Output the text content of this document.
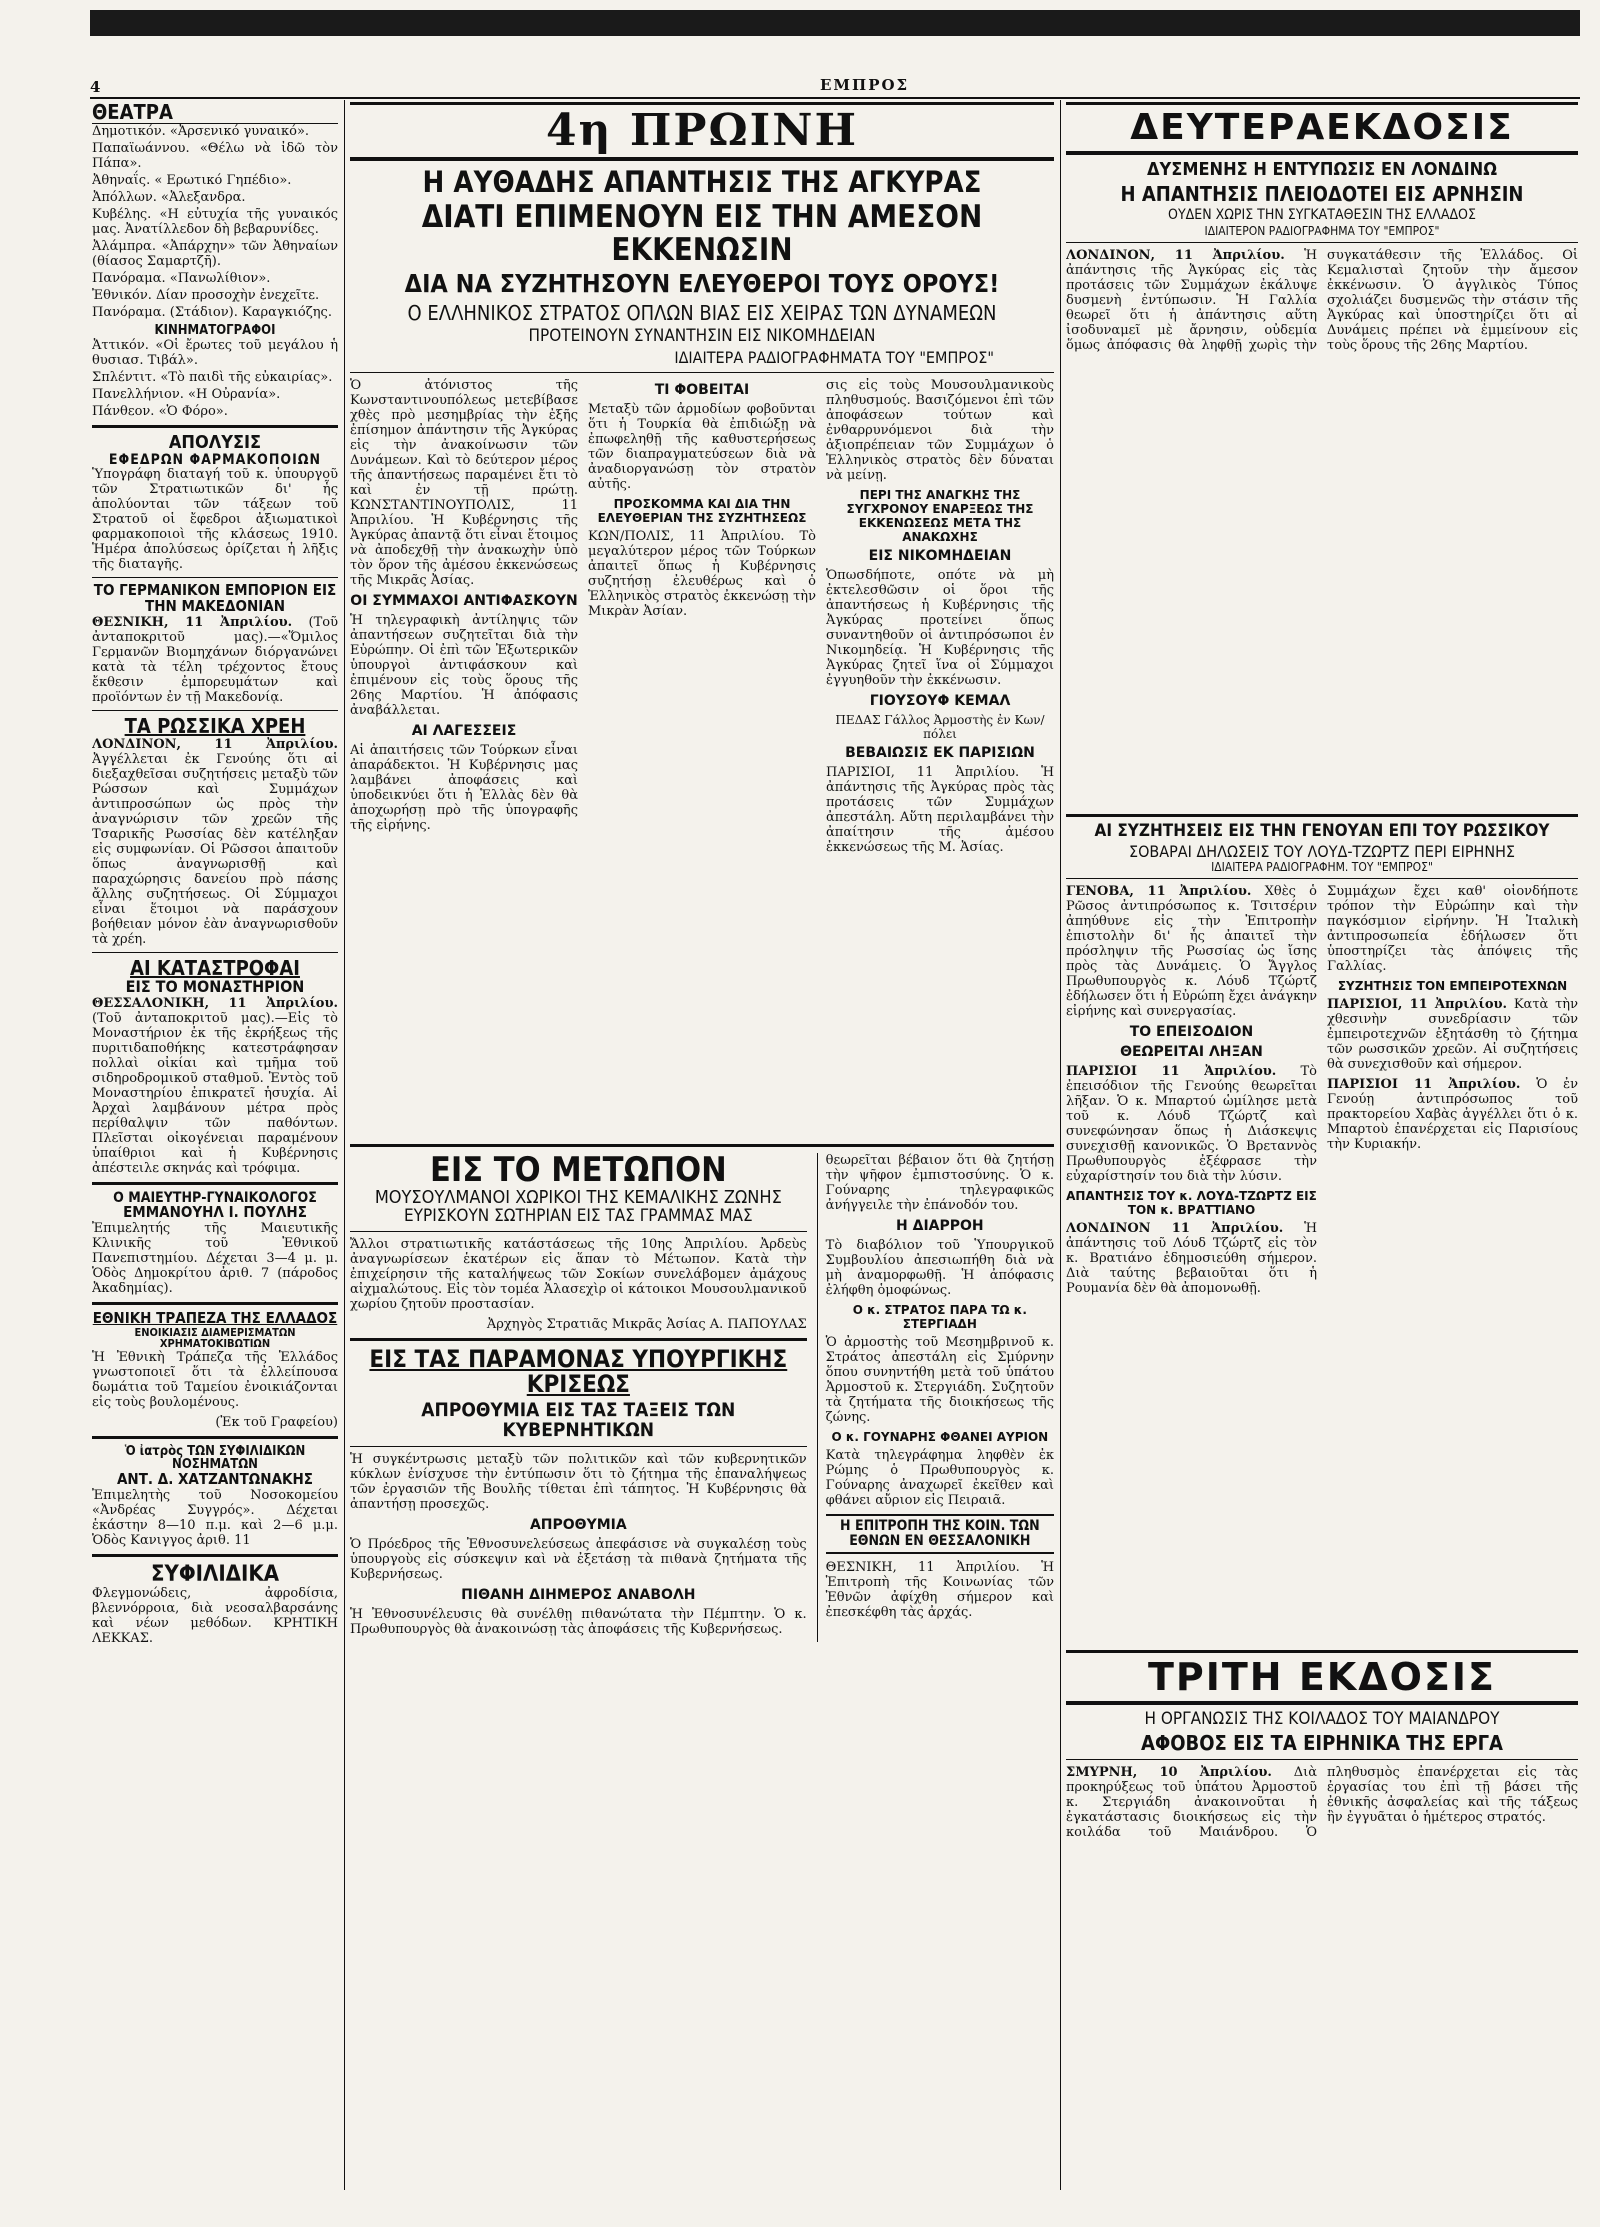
4	ΕΜΠΡΟΣ
ΘΕΑΤΡΑ

Δημοτικόν. «Ἀρσενικό γυναικό».

Παπαϊωάννου. «Θέλω νὰ ἰδῶ τὸν Πάπα».

Ἀθηναΐς. « Ερωτικό Γηπέδιο».

Ἀπόλλων. «Ἀλεξανδρα.

Κυβέλης. «Η εὐτυχία τῆς γυναικός μας. Ἀνατίλλεδον δὴ βεβαρυνίδες.

Ἀλάμπρα. «Ἀπάρχην» τῶν Ἀθηναίων (θίασος Σαμαρτζῆ).

Πανόραμα. «Πανωλίθιον».

Ἐθνικόν. Δίαν προσοχὴν ἐνεχεῖτε.

Πανόραμα. (Στάδιον). Καραγκιόζης.

ΚΙΝΗΜΑΤΟΓΡΑΦΟΙ

Ἀττικόν. «Οἱ ἔρωτες τοῦ μεγάλου ἡ θυσιασ. Τιβάλ».

Σπλέντιτ. «Τὸ παιδὶ τῆς εὐκαιρίας».

Πανελλήνιον. «Η Οὐρανία».

Πάνθεον. «Ὁ Φόρο».

ΑΠΟΛΥΣΙΣ
ΕΦΕΔΡΩΝ ΦΑΡΜΑΚΟΠΟΙΩΝ

Ὑπογράφη διαταγή τοῦ κ. ὑπουργοῦ τῶν Στρατιωτικῶν δι' ἧς ἀπολύονται τῶν τάξεων τοῦ Στρατοῦ οἱ ἔφεδροι ἀξιωματικοὶ φαρμακοποιοὶ τῆς κλάσεως 1910. Ἡμέρα ἀπολύσεως ὁρίζεται ἡ λῆξις τῆς διαταγῆς.

ΤΟ ΓΕΡΜΑΝΙΚΟΝ ΕΜΠΟΡΙΟΝ ΕΙΣ ΤΗΝ ΜΑΚΕΔΟΝΙΑΝ

ΘΕΣΝΙΚΗ, 11 Ἀπριλίου. (Τοῦ ἀνταποκριτοῦ μας).—«Ὅμιλος Γερμανῶν Βιομηχάνων διόργανώνει κατὰ τὰ τέλη τρέχοντος ἔτους ἔκθεσιν ἐμπορευμάτων καὶ προϊόντων ἐν τῇ Μακεδονίᾳ.

ΤΑ ΡΩΣΣΙΚΑ ΧΡΕΗ

ΛΟΝΔΙΝΟΝ, 11 Ἀπριλίου. Ἀγγέλλεται ἐκ Γενούης ὅτι αἱ διεξαχθεῖσαι συζητήσεις μεταξὺ τῶν Ρώσσων καὶ Συμμάχων ἀντιπροσώπων ὡς πρὸς τὴν ἀναγνώρισιν τῶν χρεῶν τῆς Τσαρικῆς Ρωσσίας δὲν κατέληξαν εἰς συμφωνίαν. Οἱ Ρῶσσοι ἀπαιτοῦν ὅπως ἀναγνωρισθῇ καὶ παραχώρησις δανείου πρὸ πάσης ἄλλης συζητήσεως. Οἱ Σύμμαχοι εἶναι ἕτοιμοι νὰ παράσχουν βοήθειαν μόνον ἐὰν ἀναγνωρισθοῦν τὰ χρέη.

ΑΙ ΚΑΤΑΣΤΡΟΦΑΙ
ΕΙΣ ΤΟ ΜΟΝΑΣΤΗΡΙΟΝ

ΘΕΣΣΑΛΟΝΙΚΗ, 11 Ἀπριλίου. (Τοῦ ἀνταποκριτοῦ μας).—Εἰς τὸ Μοναστήριον ἐκ τῆς ἐκρήξεως τῆς πυριτιδαποθήκης κατεστράφησαν πολλαὶ οἰκίαι καὶ τμῆμα τοῦ σιδηροδρομικοῦ σταθμοῦ. Ἐντὸς τοῦ Μοναστηρίου ἐπικρατεῖ ἡσυχία. Αἱ Ἀρχαὶ λαμβάνουν μέτρα πρὸς περίθαλψιν τῶν παθόντων. Πλεῖσται οἰκογένειαι παραμένουν ὑπαίθριοι καὶ ἡ Κυβέρνησις ἀπέστειλε σκηνάς καὶ τρόφιμα.

Ο ΜΑΙΕΥΤΗΡ-ΓΥΝΑΙΚΟΛΟΓΟΣ
ΕΜΜΑΝΟΥΗΛ Ι. ΠΟΥΛΗΣ

Ἐπιμελητής τῆς Μαιευτικῆς Κλινικῆς τοῦ Ἐθνικοῦ Πανεπιστημίου. Δέχεται 3—4 μ. μ. Ὁδὸς Δημοκρίτου ἀριθ. 7 (πάροδος Ἀκαδημίας).

ΕΘΝΙΚΗ ΤΡΑΠΕΖΑ ΤΗΣ ΕΛΛΑΔΟΣ
ΕΝΟΙΚΙΑΣΙΣ ΔΙΑΜΕΡΙΣΜΑΤΩΝ ΧΡΗΜΑΤΟΚΙΒΩΤΙΩΝ

Ἡ Ἐθνικὴ Τράπεζα τῆς Ἑλλάδος γνωστοποιεῖ ὅτι τὰ ἐλλείπουσα δωμάτια τοῦ Ταμείου ἐνοικιάζονται εἰς τοὺς βουλομένους.

(Ἐκ τοῦ Γραφείου)

Ὁ ἰατρὸς ΤΩΝ ΣΥΦΙΛΙΔΙΚΩΝ ΝΟΣΗΜΑΤΩΝ
ΑΝΤ. Δ. ΧΑΤΖΑΝΤΩΝΑΚΗΣ

Ἐπιμελητὴς τοῦ Νοσοκομείου «Ἀνδρέας Συγγρός». Δέχεται ἑκάστην 8—10 π.μ. καὶ 2—6 μ.μ. Ὁδὸς Κανιγγος ἀριθ. 11

ΣΥΦΙΛΙΔΙΚΑ

Φλεγμονώδεις, ἀφροδίσια, βλεννόρροια, διὰ νεοσαλβαρσάνης καὶ νέων μεθόδων. ΚΡΗΤΙΚΗ ΛΕΚΚΑΣ.

4η ΠΡΩΙΝΗ
Η ΑΥΘΑΔΗΣ ΑΠΑΝΤΗΣΙΣ ΤΗΣ ΑΓΚΥΡΑΣ
ΔΙΑΤΙ ΕΠΙΜΕΝΟΥΝ ΕΙΣ ΤΗΝ ΑΜΕΣΟΝ ΕΚΚΕΝΩΣΙΝ
ΔΙΑ ΝΑ ΣΥΖΗΤΗΣΟΥΝ ΕΛΕΥΘΕΡΟΙ ΤΟΥΣ ΟΡΟΥΣ!
Ο ΕΛΛΗΝΙΚΟΣ ΣΤΡΑΤΟΣ ΟΠΛΩΝ ΒΙΑΣ ΕΙΣ ΧΕΙΡΑΣ ΤΩΝ ΔΥΝΑΜΕΩΝ
ΠΡΟΤΕΙΝΟΥΝ ΣΥΝΑΝΤΗΣΙΝ ΕΙΣ ΝΙΚΟΜΗΔΕΙΑΝ
ΙΔΙΑΙΤΕΡΑ ΡΑΔΙΟΓΡΑΦΗΜΑΤΑ ΤΟΥ "ΕΜΠΡΟΣ"

Ὁ ἀτόνιστος τῆς Κωνσταντινουπόλεως μετεβίβασε χθὲς πρὸ μεσημβρίας τὴν ἐξῆς ἐπίσημον ἀπάντησιν τῆς Ἀγκύρας εἰς τὴν ἀνακοίνωσιν τῶν Δυνάμεων. Καὶ τὸ δεύτερον μέρος τῆς ἀπαντήσεως παραμένει ἔτι τὸ καὶ ἐν τῇ πρώτῃ. ΚΩΝΣΤΑΝΤΙΝΟΥΠΟΛΙΣ, 11 Ἀπριλίου. Ἡ Κυβέρνησις τῆς Ἀγκύρας ἀπαντᾷ ὅτι εἶναι ἕτοιμος νὰ ἀποδεχθῇ τὴν ἀνακωχὴν ὑπὸ τὸν ὅρον τῆς ἀμέσου ἐκκενώσεως τῆς Μικρᾶς Ἀσίας.

ΟΙ ΣΥΜΜΑΧΟΙ ΑΝΤΙΦΑΣΚΟΥΝ

Ἡ τηλεγραφικὴ ἀντίληψις τῶν ἀπαντήσεων συζητεῖται διὰ τὴν Εὐρώπην. Οἱ ἐπὶ τῶν Ἐξωτερικῶν ὑπουργοὶ ἀντιφάσκουν καὶ ἐπιμένουν εἰς τοὺς ὅρους τῆς 26ης Μαρτίου. Ἡ ἀπόφασις ἀναβάλλεται.

ΑΙ ΛΑΓΕΣΣΕΙΣ

Αἱ ἀπαιτήσεις τῶν Τούρκων εἶναι ἀπαράδεκτοι. Ἡ Κυβέρνησις μας λαμβάνει ἀποφάσεις καὶ ὑποδεικνύει ὅτι ἡ Ἑλλὰς δὲν θὰ ἀποχωρήσῃ πρὸ τῆς ὑπογραφῆς τῆς εἰρήνης.

ΤΙ ΦΟΒΕΙΤΑΙ

Μεταξὺ τῶν ἀρμοδίων φοβοῦνται ὅτι ἡ Τουρκία θὰ ἐπιδιώξῃ νὰ ἐπωφεληθῇ τῆς καθυστερήσεως τῶν διαπραγματεύσεων διὰ νὰ ἀναδιοργανώσῃ τὸν στρατὸν αὐτῆς.

ΠΡΟΣΚΟΜΜΑ ΚΑΙ ΔΙΑ ΤΗΝ ΕΛΕΥΘΕΡΙΑΝ ΤΗΣ ΣΥΖΗΤΗΣΕΩΣ

ΚΩΝ/ΠΟΛΙΣ, 11 Ἀπριλίου. Τὸ μεγαλύτερον μέρος τῶν Τούρκων ἀπαιτεῖ ὅπως ἡ Κυβέρνησις συζητήσῃ ἐλευθέρως καὶ ὁ Ἑλληνικὸς στρατὸς ἐκκενώσῃ τὴν Μικρὰν Ἀσίαν.

σις εἰς τοὺς Μουσουλμανικοὺς πληθυσμούς. Βασιζόμενοι ἐπὶ τῶν ἀποφάσεων τούτων καὶ ἐνθαρρυνόμενοι διὰ τὴν ἀξιοπρέπειαν τῶν Συμμάχων ὁ Ἑλληνικὸς στρατὸς δὲν δύναται νὰ μείνῃ.

ΠΕΡΙ ΤΗΣ ΑΝΑΓΚΗΣ ΤΗΣ ΣΥΓΧΡΟΝΟΥ ΕΝΑΡΞΕΩΣ ΤΗΣ ΕΚΚΕΝΩΣΕΩΣ ΜΕΤΑ ΤΗΣ ΑΝΑΚΩΧΗΣ
ΕΙΣ ΝΙΚΟΜΗΔΕΙΑΝ

Ὁπωσδήποτε, οπότε νὰ μὴ ἐκτελεσθῶσιν οἱ ὅροι τῆς ἀπαντήσεως ἡ Κυβέρνησις τῆς Ἀγκύρας προτείνει ὅπως συναντηθοῦν οἱ ἀντιπρόσωποι ἐν Νικομηδείᾳ. Ἡ Κυβέρνησις τῆς Ἀγκύρας ζητεῖ ἵνα οἱ Σύμμαχοι ἐγγυηθοῦν τὴν ἐκκένωσιν.

ΓΙΟΥΣΟΥΦ ΚΕΜΑΛ
ΠΕΔΑΣ Γάλλος Ἀρμοστὴς ἐν Κων/πόλει
ΒΕΒΑΙΩΣΙΣ ΕΚ ΠΑΡΙΣΙΩΝ

ΠΑΡΙΣΙΟΙ, 11 Ἀπριλίου. Ἡ ἀπάντησις τῆς Ἀγκύρας πρὸς τὰς προτάσεις τῶν Συμμάχων ἀπεστάλη. Αὕτη περιλαμβάνει τὴν ἀπαίτησιν τῆς ἀμέσου ἐκκενώσεως τῆς Μ. Ἀσίας.

ΕΙΣ ΤΟ ΜΕΤΩΠΟΝ
ΜΟΥΣΟΥΛΜΑΝΟΙ ΧΩΡΙΚΟΙ ΤΗΣ ΚΕΜΑΛΙΚΗΣ ΖΩΝΗΣ
ΕΥΡΙΣΚΟΥΝ ΣΩΤΗΡΙΑΝ ΕΙΣ ΤΑΣ ΓΡΑΜΜΑΣ ΜΑΣ

Ἄλλοι στρατιωτικῆς κατάστάσεως τῆς 10ης Ἀπριλίου. Ἀρδεὺς ἀναγνωρίσεων ἑκατέρων εἰς ἅπαν τὸ Μέτωπον. Κατὰ τὴν ἐπιχείρησιν τῆς καταλήψεως τῶν Σοκίων συνελάβομεν ἀμάχους αἰχμαλώτους. Εἰς τὸν τομέα Ἀλασεχὶρ οἱ κάτοικοι Μουσουλμανικοῦ χωρίου ζητοῦν προστασίαν.

Ἀρχηγὸς Στρατιᾶς Μικρᾶς Ἀσίας Α. ΠΑΠΟΥΛΑΣ

ΕΙΣ ΤΑΣ ΠΑΡΑΜΟΝΑΣ ΥΠΟΥΡΓΙΚΗΣ ΚΡΙΣΕΩΣ
ΑΠΡΟΘΥΜΙΑ ΕΙΣ ΤΑΣ ΤΑΞΕΙΣ ΤΩΝ ΚΥΒΕΡΝΗΤΙΚΩΝ

Ἡ συγκέντρωσις μεταξὺ τῶν πολιτικῶν καὶ τῶν κυβερνητικῶν κύκλων ἐνίσχυσε τὴν ἐντύπωσιν ὅτι τὸ ζήτημα τῆς ἐπαναλήψεως τῶν ἐργασιῶν τῆς Βουλῆς τίθεται ἐπὶ τάπητος. Ἡ Κυβέρνησις θὰ ἀπαντήσῃ προσεχῶς.

ΑΠΡΟΘΥΜΙΑ

Ὁ Πρόεδρος τῆς Ἐθνοσυνελεύσεως ἀπεφάσισε νὰ συγκαλέσῃ τοὺς ὑπουργοὺς εἰς σύσκεψιν καὶ νὰ ἐξετάσῃ τὰ πιθανὰ ζητήματα τῆς Κυβερνήσεως.

ΠΙΘΑΝΗ ΔΙΗΜΕΡΟΣ ΑΝΑΒΟΛΗ

Ἡ Ἐθνοσυνέλευσις θὰ συνέλθῃ πιθανώτατα τὴν Πέμπτην. Ὁ κ. Πρωθυπουργὸς θὰ ἀνακοινώσῃ τὰς ἀποφάσεις τῆς Κυβερνήσεως.

θεωρεῖται βέβαιον ὅτι θὰ ζητήσῃ τὴν ψῆφον ἐμπιστοσύνης. Ὁ κ. Γούναρης τηλεγραφικῶς ἀνήγγειλε τὴν ἐπάνοδόν του.

Η ΔΙΑΡΡΟΗ

Τὸ διαβόλιον τοῦ Ὑπουργικοῦ Συμβουλίου ἀπεσιωπήθη διὰ νὰ μὴ ἀναμορφωθῇ. Ἡ ἀπόφασις ἐλήφθη ὁμοφώνως.

Ο κ. ΣΤΡΑΤΟΣ ΠΑΡΑ ΤΩ κ. ΣΤΕΡΓΙΑΔΗ

Ὁ ἀρμοστὴς τοῦ Μεσημβρινοῦ κ. Στράτος ἀπεστάλη εἰς Σμύρνην ὅπου συνηντήθη μετὰ τοῦ ὑπάτου Ἀρμοστοῦ κ. Στεργιάδη. Συζητοῦν τὰ ζητήματα τῆς διοικήσεως τῆς ζώνης.

Ο κ. ΓΟΥΝΑΡΗΣ ΦΘΑΝΕΙ ΑΥΡΙΟΝ

Κατὰ τηλεγράφημα ληφθὲν ἐκ Ρώμης ὁ Πρωθυπουργὸς κ. Γούναρης ἀναχωρεῖ ἐκεῖθεν καὶ φθάνει αὔριον εἰς Πειραιᾶ.

Η ΕΠΙΤΡΟΠΗ ΤΗΣ ΚΟΙΝ. ΤΩΝ ΕΘΝΩΝ ΕΝ ΘΕΣΣΑΛΟΝΙΚΗ

ΘΕΣΝΙΚΗ, 11 Ἀπριλίου. Ἡ Ἐπιτροπὴ τῆς Κοινωνίας τῶν Ἐθνῶν ἀφίχθη σήμερον καὶ ἐπεσκέφθη τὰς ἀρχάς.

ΔΕΥΤΕΡΑΕΚΔΟΣΙΣ
ΔΥΣΜΕΝΗΣ Η ΕΝΤΥΠΩΣΙΣ ΕΝ ΛΟΝΔΙΝΩ
Η ΑΠΑΝΤΗΣΙΣ ΠΛΕΙΟΔΟΤΕΙ ΕΙΣ ΑΡΝΗΣΙΝ
ΟΥΔΕΝ ΧΩΡΙΣ ΤΗΝ ΣΥΓΚΑΤΑΘΕΣΙΝ ΤΗΣ ΕΛΛΑΔΟΣ
ΙΔΙΑΙΤΕΡΟΝ ΡΑΔΙΟΓΡΑΦΗΜΑ ΤΟΥ "ΕΜΠΡΟΣ"

ΛΟΝΔΙΝΟΝ, 11 Ἀπριλίου. Ἡ ἀπάντησις τῆς Ἀγκύρας εἰς τὰς προτάσεις τῶν Συμμάχων ἐκάλυψε δυσμενὴ ἐντύπωσιν. Ἡ Γαλλία θεωρεῖ ὅτι ἡ ἀπάντησις αὕτη ἰσοδυναμεῖ μὲ ἄρνησιν, οὐδεμία ὅμως ἀπόφασις θὰ ληφθῇ χωρὶς τὴν συγκατάθεσιν τῆς Ἑλλάδος. Οἱ Κεμαλισταὶ ζητοῦν τὴν ἄμεσον ἐκκένωσιν. Ὁ ἀγγλικὸς Τύπος σχολιάζει δυσμενῶς τὴν στάσιν τῆς Ἀγκύρας καὶ ὑποστηρίζει ὅτι αἱ Δυνάμεις πρέπει νὰ ἐμμείνουν εἰς τοὺς ὅρους τῆς 26ης Μαρτίου.

ΑΙ ΣΥΖΗΤΗΣΕΙΣ ΕΙΣ ΤΗΝ ΓΕΝΟΥΑΝ ΕΠΙ ΤΟΥ ΡΩΣΣΙΚΟΥ
ΣΟΒΑΡΑΙ ΔΗΛΩΣΕΙΣ ΤΟΥ ΛΟΥΔ-ΤΖΩΡΤΖ ΠΕΡΙ ΕΙΡΗΝΗΣ
ΙΔΙΑΙΤΕΡΑ ΡΑΔΙΟΓΡΑΦΗΜ. ΤΟΥ "ΕΜΠΡΟΣ"

ΓΕΝΟΒΑ, 11 Ἀπριλίου. Χθὲς ὁ Ρῶσος ἀντιπρόσωπος κ. Τσιτσέριν ἀπηύθυνε εἰς τὴν Ἐπιτροπὴν ἐπιστολὴν δι' ἧς ἀπαιτεῖ τὴν πρόσληψιν τῆς Ρωσσίας ὡς ἴσης πρὸς τὰς Δυνάμεις. Ὁ Ἄγγλος Πρωθυπουργὸς κ. Λόυδ Τζώρτζ ἐδήλωσεν ὅτι ἡ Εὐρώπη ἔχει ἀνάγκην εἰρήνης καὶ συνεργασίας.

ΤΟ ΕΠΕΙΣΟΔΙΟΝ
ΘΕΩΡΕΙΤΑΙ ΛΗΞΑΝ

ΠΑΡΙΣΙΟΙ 11 Ἀπριλίου. Τὸ ἐπεισόδιον τῆς Γενούης θεωρεῖται λῆξαν. Ὁ κ. Μπαρτού ὡμίλησε μετὰ τοῦ κ. Λόυδ Τζώρτζ καὶ συνεφώνησαν ὅπως ἡ Διάσκεψις συνεχισθῇ κανονικῶς. Ὁ Βρεταννὸς Πρωθυπουργὸς ἐξέφρασε τὴν εὐχαρίστησίν του διὰ τὴν λύσιν.

ΑΠΑΝΤΗΣΙΣ ΤΟΥ κ. ΛΟΥΔ-ΤΖΩΡΤΖ ΕΙΣ ΤΟΝ κ. ΒΡΑΤΤΙΑΝΟ

ΛΟΝΔΙΝΟΝ 11 Ἀπριλίου. Ἡ ἀπάντησις τοῦ Λόυδ Τζώρτζ εἰς τὸν κ. Βρατιάνο ἐδημοσιεύθη σήμερον. Διὰ ταύτης βεβαιοῦται ὅτι ἡ Ρουμανία δὲν θὰ ἀπομονωθῇ.

Συμμάχων ἔχει καθ' οἱονδήποτε τρόπον τὴν Εὐρώπην καὶ τὴν παγκόσμιον εἰρήνην. Ἡ Ἰταλικὴ ἀντιπροσωπεία ἐδήλωσεν ὅτι ὑποστηρίζει τὰς ἀπόψεις τῆς Γαλλίας.

ΣΥΖΗΤΗΣΙΣ ΤΟΝ ΕΜΠΕΙΡΟΤΕΧΝΩΝ

ΠΑΡΙΣΙΟΙ, 11 Ἀπριλίου. Κατὰ τὴν χθεσινὴν συνεδρίασιν τῶν ἐμπειροτεχνῶν ἐξητάσθη τὸ ζήτημα τῶν ρωσσικῶν χρεῶν. Αἱ συζητήσεις θὰ συνεχισθοῦν καὶ σήμερον.

ΠΑΡΙΣΙΟΙ 11 Ἀπριλίου. Ὁ ἐν Γενούῃ ἀντιπρόσωπος τοῦ πρακτορείου Χαβὰς ἀγγέλλει ὅτι ὁ κ. Μπαρτοὺ ἐπανέρχεται εἰς Παρισίους τὴν Κυριακήν.

ΤΡΙΤΗ ΕΚΔΟΣΙΣ
Η ΟΡΓΑΝΩΣΙΣ ΤΗΣ ΚΟΙΛΑΔΟΣ ΤΟΥ ΜΑΙΑΝΔΡΟΥ
ΑΦΟΒΟΣ ΕΙΣ ΤΑ ΕΙΡΗΝΙΚΑ ΤΗΣ ΕΡΓΑ

ΣΜΥΡΝΗ, 10 Ἀπριλίου. Διὰ προκηρύξεως τοῦ ὑπάτου Ἀρμοστοῦ κ. Στεργιάδη ἀνακοινοῦται ἡ ἐγκατάστασις διοικήσεως εἰς τὴν κοιλάδα τοῦ Μαιάνδρου. Ὁ πληθυσμὸς ἐπανέρχεται εἰς τὰς ἐργασίας του ἐπὶ τῇ βάσει τῆς ἐθνικῆς ἀσφαλείας καὶ τῆς τάξεως ἣν ἐγγυᾶται ὁ ἡμέτερος στρατός.
